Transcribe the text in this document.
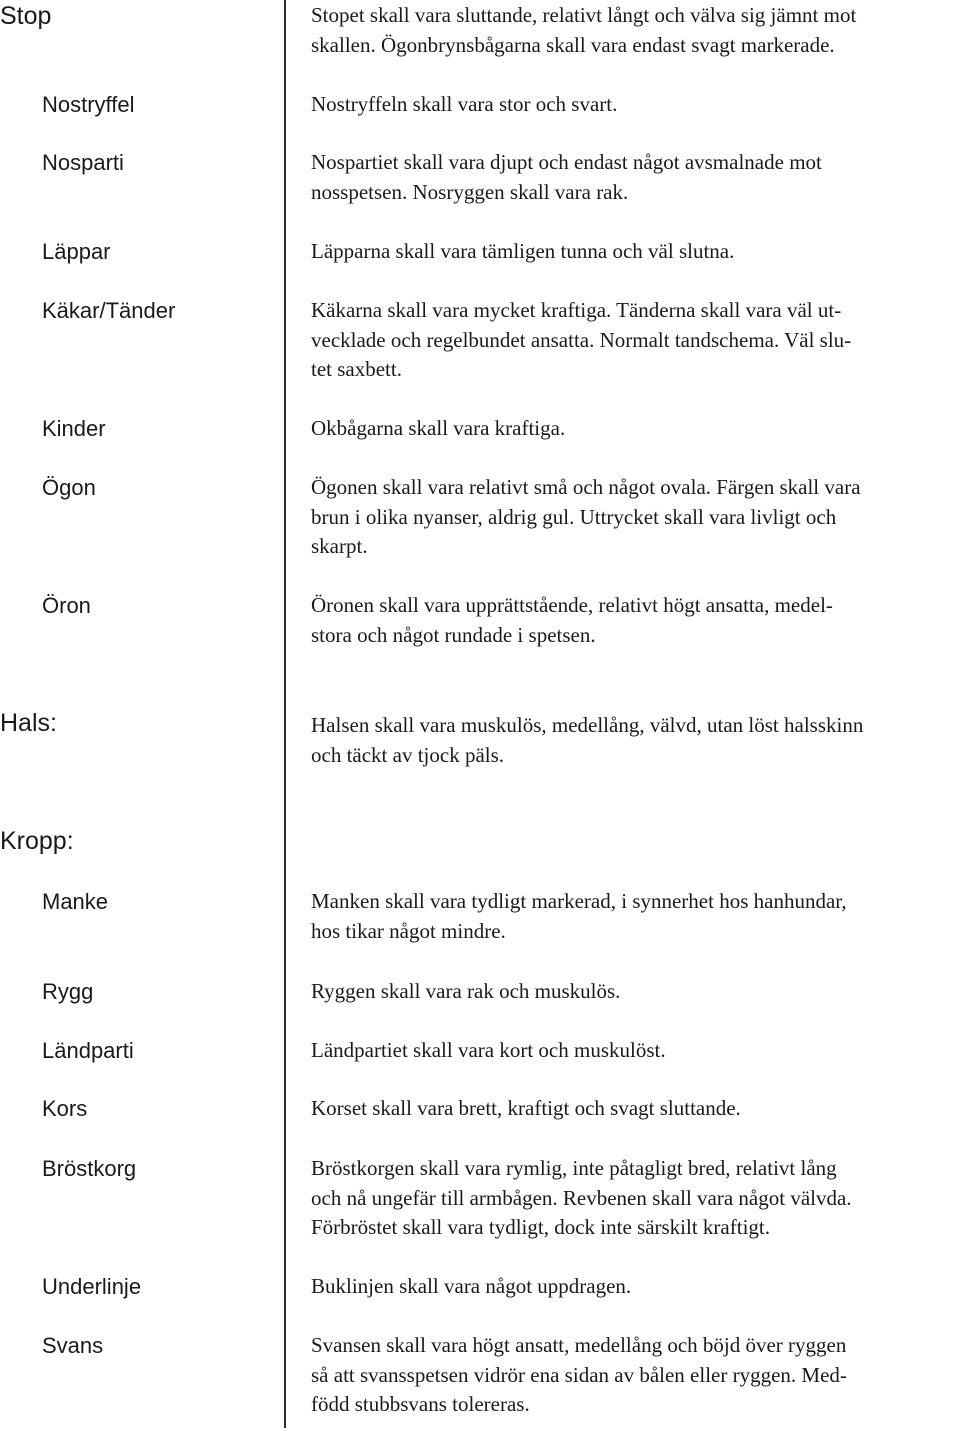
Stop	Stopet skall vara sluttande, relativt långt och välva sig jämnt mot
skallen. Ögonbrynsbågarna skall vara endast svagt markerade.
Nostryffel	Nostryffeln skall vara stor och svart.
Nosparti	Nospartiet skall vara djupt och endast något avsmalnade mot
nosspetsen. Nosryggen skall vara rak.
Läppar	Läpparna skall vara tämligen tunna och väl slutna.
Käkar/Tänder	Käkarna skall vara mycket kraftiga. Tänderna skall vara väl ut-
vecklade och regelbundet ansatta. Normalt tandschema. Väl slu-
tet saxbett.
Kinder	Okbågarna skall vara kraftiga.
Ögon	Ögonen skall vara relativt små och något ovala. Färgen skall vara
brun i olika nyanser, aldrig gul. Uttrycket skall vara livligt och
skarpt.
Öron	Öronen skall vara upprättstående, relativt högt ansatta, medel-
stora och något rundade i spetsen.
Hals:	Halsen skall vara muskulös, medellång, välvd, utan löst halsskinn
och täckt av tjock päls.
Kropp:
Manke	Manken skall vara tydligt markerad, i synnerhet hos hanhundar,
hos tikar något mindre.
Rygg	Ryggen skall vara rak och muskulös.
Ländparti	Ländpartiet skall vara kort och muskulöst.
Kors	Korset skall vara brett, kraftigt och svagt sluttande.
Bröstkorg	Bröstkorgen skall vara rymlig, inte påtagligt bred, relativt lång
och nå ungefär till armbågen. Revbenen skall vara något välvda.
Förbröstet skall vara tydligt, dock inte särskilt kraftigt.
Underlinje	Buklinjen skall vara något uppdragen.
Svans	Svansen skall vara högt ansatt, medellång och böjd över ryggen
så att svansspetsen vidrör ena sidan av bålen eller ryggen. Med-
född stubbsvans tolereras.
